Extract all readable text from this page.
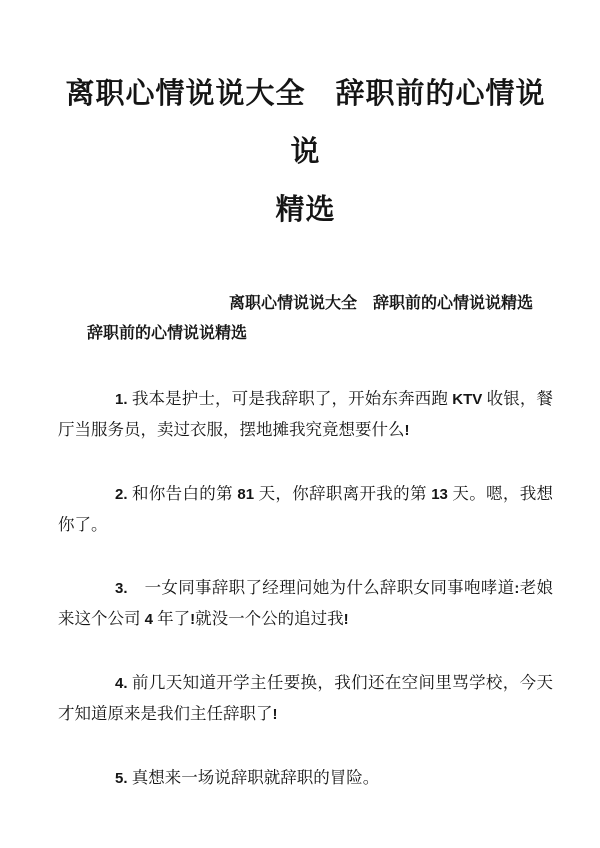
离职心情说说大全　辞职前的心情说说
精选
离职心情说说大全　辞职前的心情说说精选
辞职前的心情说说精选

1. 我本是护士，可是我辞职了，开始东奔西跑 KTV 收银，餐厅当服务员，卖过衣服，摆地摊我究竟想要什么!

2. 和你告白的第 81 天，你辞职离开我的第 13 天。嗯，我想你了。

3.　一女同事辞职了经理问她为什么辞职女同事咆哮道:老娘来这个公司 4 年了!就没一个公的追过我!

4. 前几天知道开学主任要换，我们还在空间里骂学校，今天才知道原来是我们主任辞职了!

5. 真想来一场说辞职就辞职的冒险。
